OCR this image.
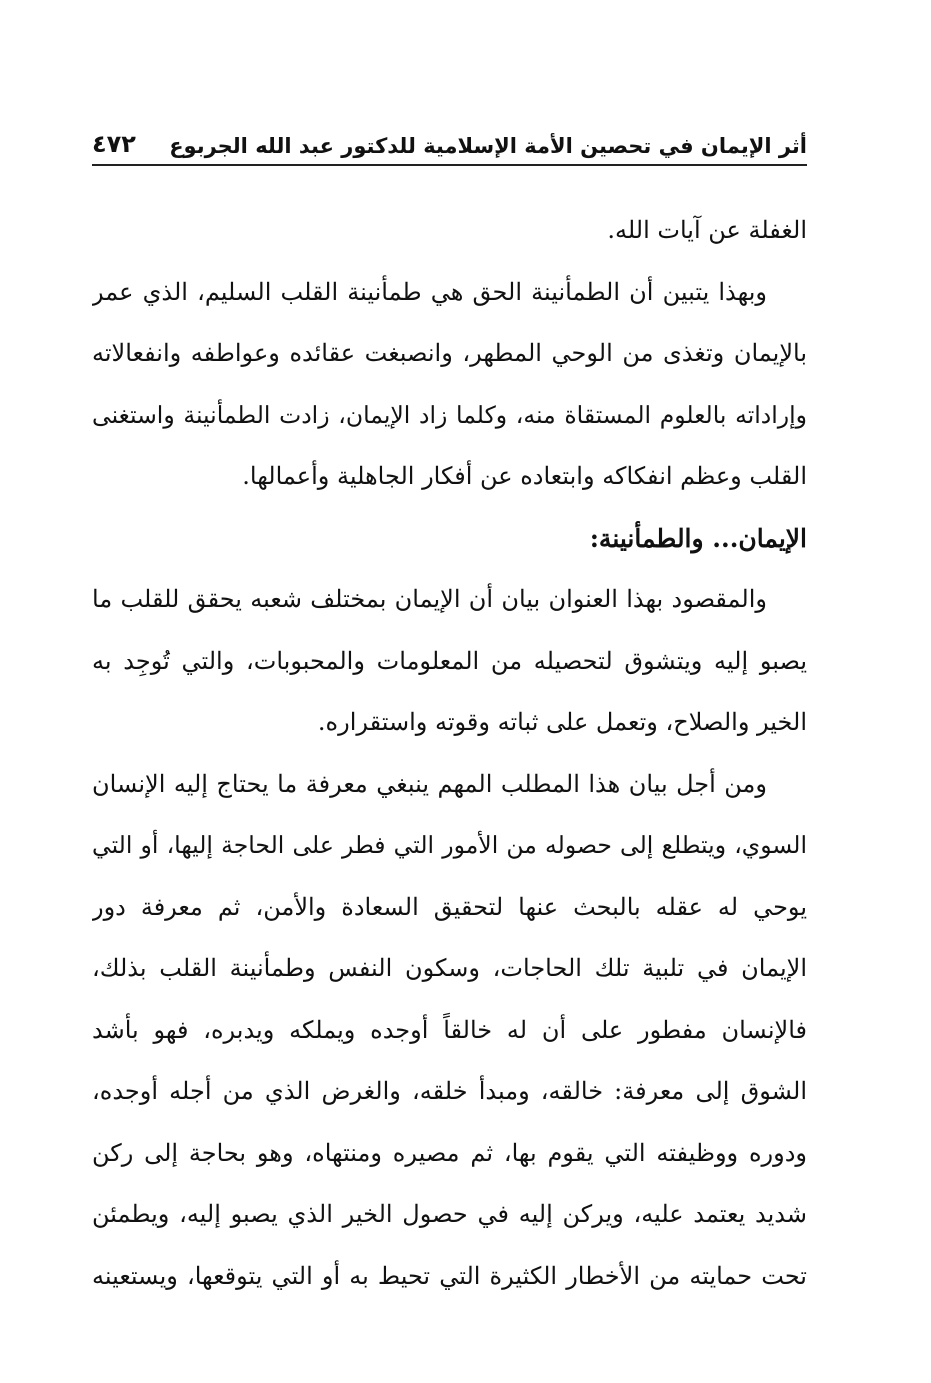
أثر الإيمان في تحصين الأمة الإسلامية للدكتور عبد الله الجربوع
٤٧٢
الغفلة عن آيات الله.
وبهذا يتبين أن الطمأنينة الحق هي طمأنينة القلب السليم، الذي عمر
بالإيمان وتغذى من الوحي المطهر، وانصبغت عقائده وعواطفه وانفعالاته
وإراداته بالعلوم المستقاة منه، وكلما زاد الإيمان، زادت الطمأنينة واستغنى
القلب وعظم انفكاكه وابتعاده عن أفكار الجاهلية وأعمالها.
الإيمان... والطمأنينة:
والمقصود بهذا العنوان بيان أن الإيمان بمختلف شعبه يحقق للقلب ما
يصبو إليه ويتشوق لتحصيله من المعلومات والمحبوبات، والتي تُوجِد به
الخير والصلاح، وتعمل على ثباته وقوته واستقراره.
ومن أجل بيان هذا المطلب المهم ينبغي معرفة ما يحتاج إليه الإنسان
السوي، ويتطلع إلى حصوله من الأمور التي فطر على الحاجة إليها، أو التي
يوحي له عقله بالبحث عنها لتحقيق السعادة والأمن، ثم معرفة دور
الإيمان في تلبية تلك الحاجات، وسكون النفس وطمأنينة القلب بذلك،
فالإنسان مفطور على أن له خالقاً أوجده ويملكه ويدبره، فهو بأشد
الشوق إلى معرفة: خالقه، ومبدأ خلقه، والغرض الذي من أجله أوجده،
ودوره ووظيفته التي يقوم بها، ثم مصيره ومنتهاه، وهو بحاجة إلى ركن
شديد يعتمد عليه، ويركن إليه في حصول الخير الذي يصبو إليه، ويطمئن
تحت حمايته من الأخطار الكثيرة التي تحيط به أو التي يتوقعها، ويستعينه
